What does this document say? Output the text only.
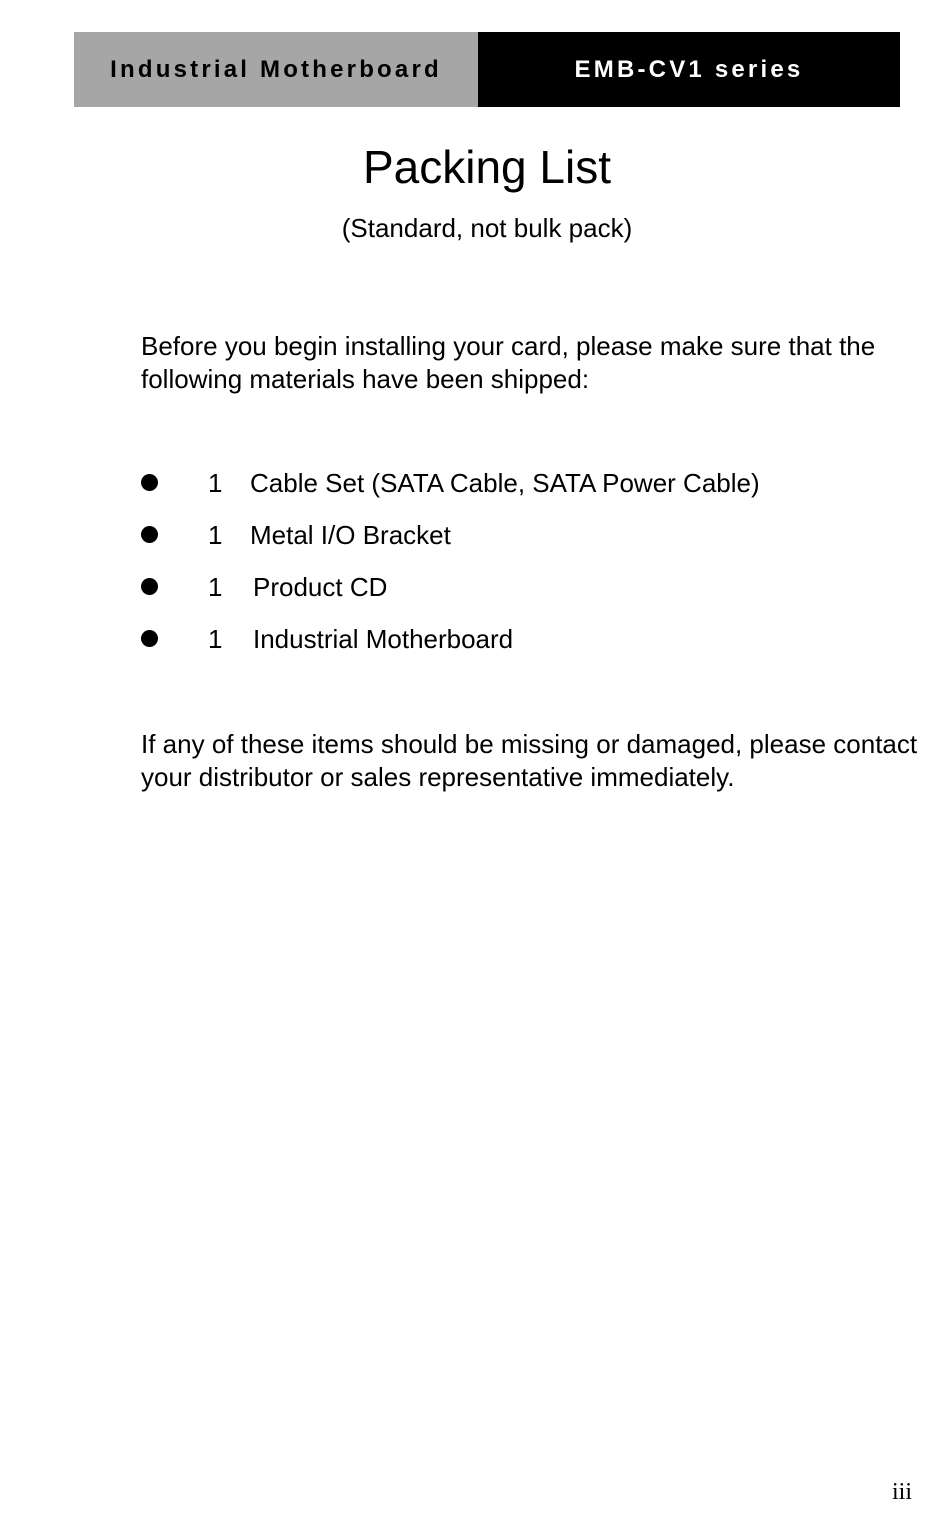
Industrial Motherboard	EMB-CV1 series
Packing List
(Standard, not bulk pack)
Before you begin installing your card, please make sure that the following materials have been shipped:
1 Cable Set (SATA Cable, SATA Power Cable)
1 Metal I/O Bracket
1 Product CD
1 Industrial Motherboard
If any of these items should be missing or damaged, please contact your distributor or sales representative immediately.
iii
